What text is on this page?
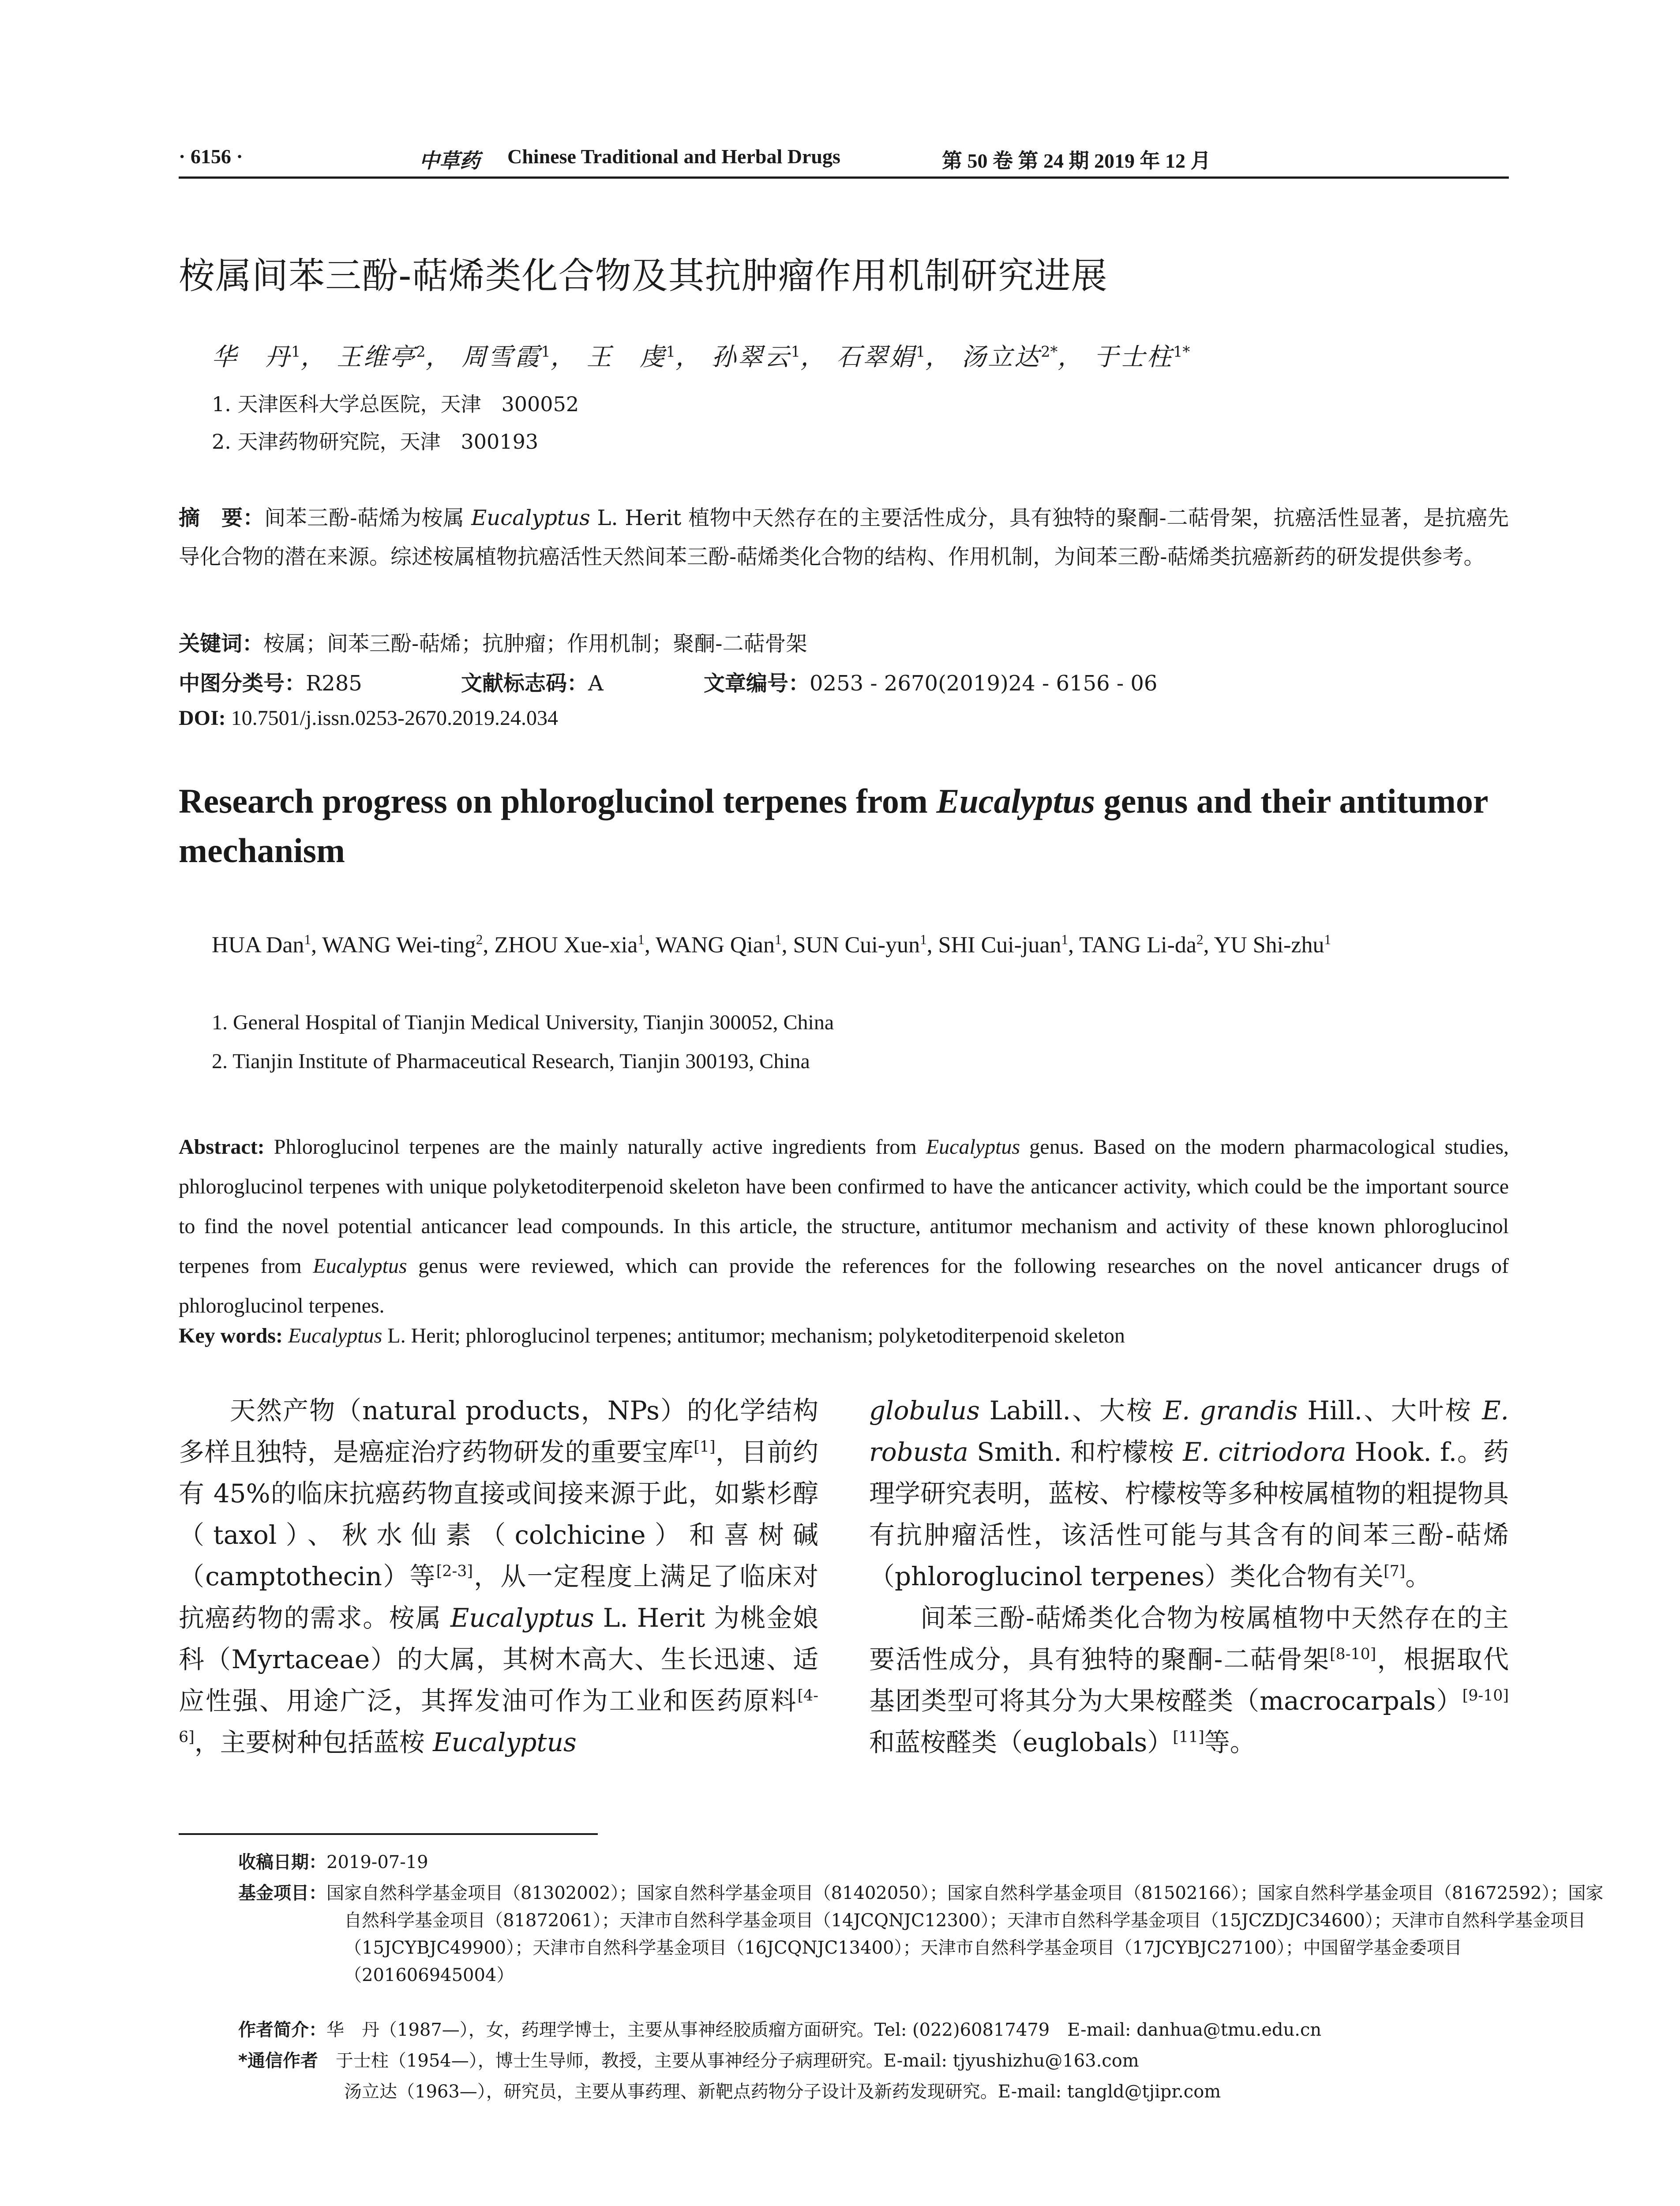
· 6156 ·	中草药 Chinese Traditional and Herbal Drugs	第 50 卷 第 24 期 2019 年 12 月
桉属间苯三酚-萜烯类化合物及其抗肿瘤作用机制研究进展
华　丹$^1$， 王维亭$^2$， 周雪霞$^1$， 王　虔$^1$， 孙翠云$^1$， 石翠娟$^1$， 汤立达$^{2*}$， 于士柱$^{1*}$
1. 天津医科大学总医院，天津　300052
2. 天津药物研究院，天津　300193
摘　要：间苯三酚-萜烯为桉属 Eucalyptus L. Herit 植物中天然存在的主要活性成分，具有独特的聚酮-二萜骨架，抗癌活性显著，是抗癌先导化合物的潜在来源。综述桉属植物抗癌活性天然间苯三酚-萜烯类化合物的结构、作用机制，为间苯三酚-萜烯类抗癌新药的研发提供参考。
关键词：桉属；间苯三酚-萜烯；抗肿瘤；作用机制；聚酮-二萜骨架
中图分类号：R285	文献标志码：A	文章编号：0253 - 2670(2019)24 - 6156 - 06
DOI: 10.7501/j.issn.0253-2670.2019.24.034
Research progress on phloroglucinol terpenes from Eucalyptus genus and their antitumor mechanism
HUA Dan$^1$, WANG Wei-ting$^2$, ZHOU Xue-xia$^1$, WANG Qian$^1$, SUN Cui-yun$^1$, SHI Cui-juan$^1$, TANG $Li-da^2$, YU Shi-zhu$^1$
1. General Hospital of Tianjin Medical University, Tianjin 300052, China
2. Tianjin Institute of Pharmaceutical Research, Tianjin 300193, China
Abstract: Phloroglucinol terpenes are the mainly naturally active ingredients from Eucalyptus genus. Based on the modern pharmacological studies, phloroglucinol terpenes with unique polyketoditerpenoid skeleton have been confirmed to have the anticancer activity, which could be the important source to find the novel potential anticancer lead compounds. In this article, the structure, antitumor mechanism and activity of these known phloroglucinol terpenes from Eucalyptus genus were reviewed, which can provide the references for the following researches on the novel anticancer drugs of phloroglucinol terpenes.
Key words: Eucalyptus L. Herit; phloroglucinol terpenes; antitumor; mechanism; polyketoditerpenoid skeleton

天然产物（natural products，NPs）的化学结构多样且独特，是癌症治疗药物研发的重要宝库[1]，目前约有 45%的临床抗癌药物直接或间接来源于此，如紫杉醇（taxol）、秋水仙素（colchicine）和喜树碱（camptothecin）等[2-3]，从一定程度上满足了临床对抗癌药物的需求。桉属 Eucalyptus L. Herit 为桃金娘科（Myrtaceae）的大属，其树木高大、生长迅速、适应性强、用途广泛，其挥发油可作为工业和医药原料[4-6]，主要树种包括蓝桉 Eucalyptus

globulus Labill.、大桉 E. grandis Hill.、大叶桉 E. robusta Smith. 和柠檬桉 E. citriodora Hook. f.。药理学研究表明，蓝桉、柠檬桉等多种桉属植物的粗提物具有抗肿瘤活性，该活性可能与其含有的间苯三酚-萜烯（phloroglucinol terpenes）类化合物有关[7]。

间苯三酚-萜烯类化合物为桉属植物中天然存在的主要活性成分，具有独特的聚酮-二萜骨架[8-10]，根据取代基团类型可将其分为大果桉醛类（macrocarpals）[9-10]和蓝桉醛类（euglobals）[11]等。

收稿日期：2019-07-19
基金项目：国家自然科学基金项目（81302002）；国家自然科学基金项目（81402050）；国家自然科学基金项目（81502166）；国家自然科学基金项目（81672592）；国家自然科学基金项目（81872061）；天津市自然科学基金项目（14JCQNJC12300）；天津市自然科学基金项目（15JCZDJC34600）；天津市自然科学基金项目（15JCYBJC49900）；天津市自然科学基金项目（16JCQNJC13400）；天津市自然科学基金项目（17JCYBJC27100）；中国留学基金委项目（201606945004）
作者简介：华　丹（1987—），女，药理学博士，主要从事神经胶质瘤方面研究。Tel: (022)60817479　E-mail: danhua@tmu.edu.cn
*通信作者　 于士柱（1954—），博士生导师，教授，主要从事神经分子病理研究。E-mail: tjyushizhu@163.com
汤立达（1963—），研究员，主要从事药理、新靶点药物分子设计及新药发现研究。E-mail: tangld@tjipr.com
